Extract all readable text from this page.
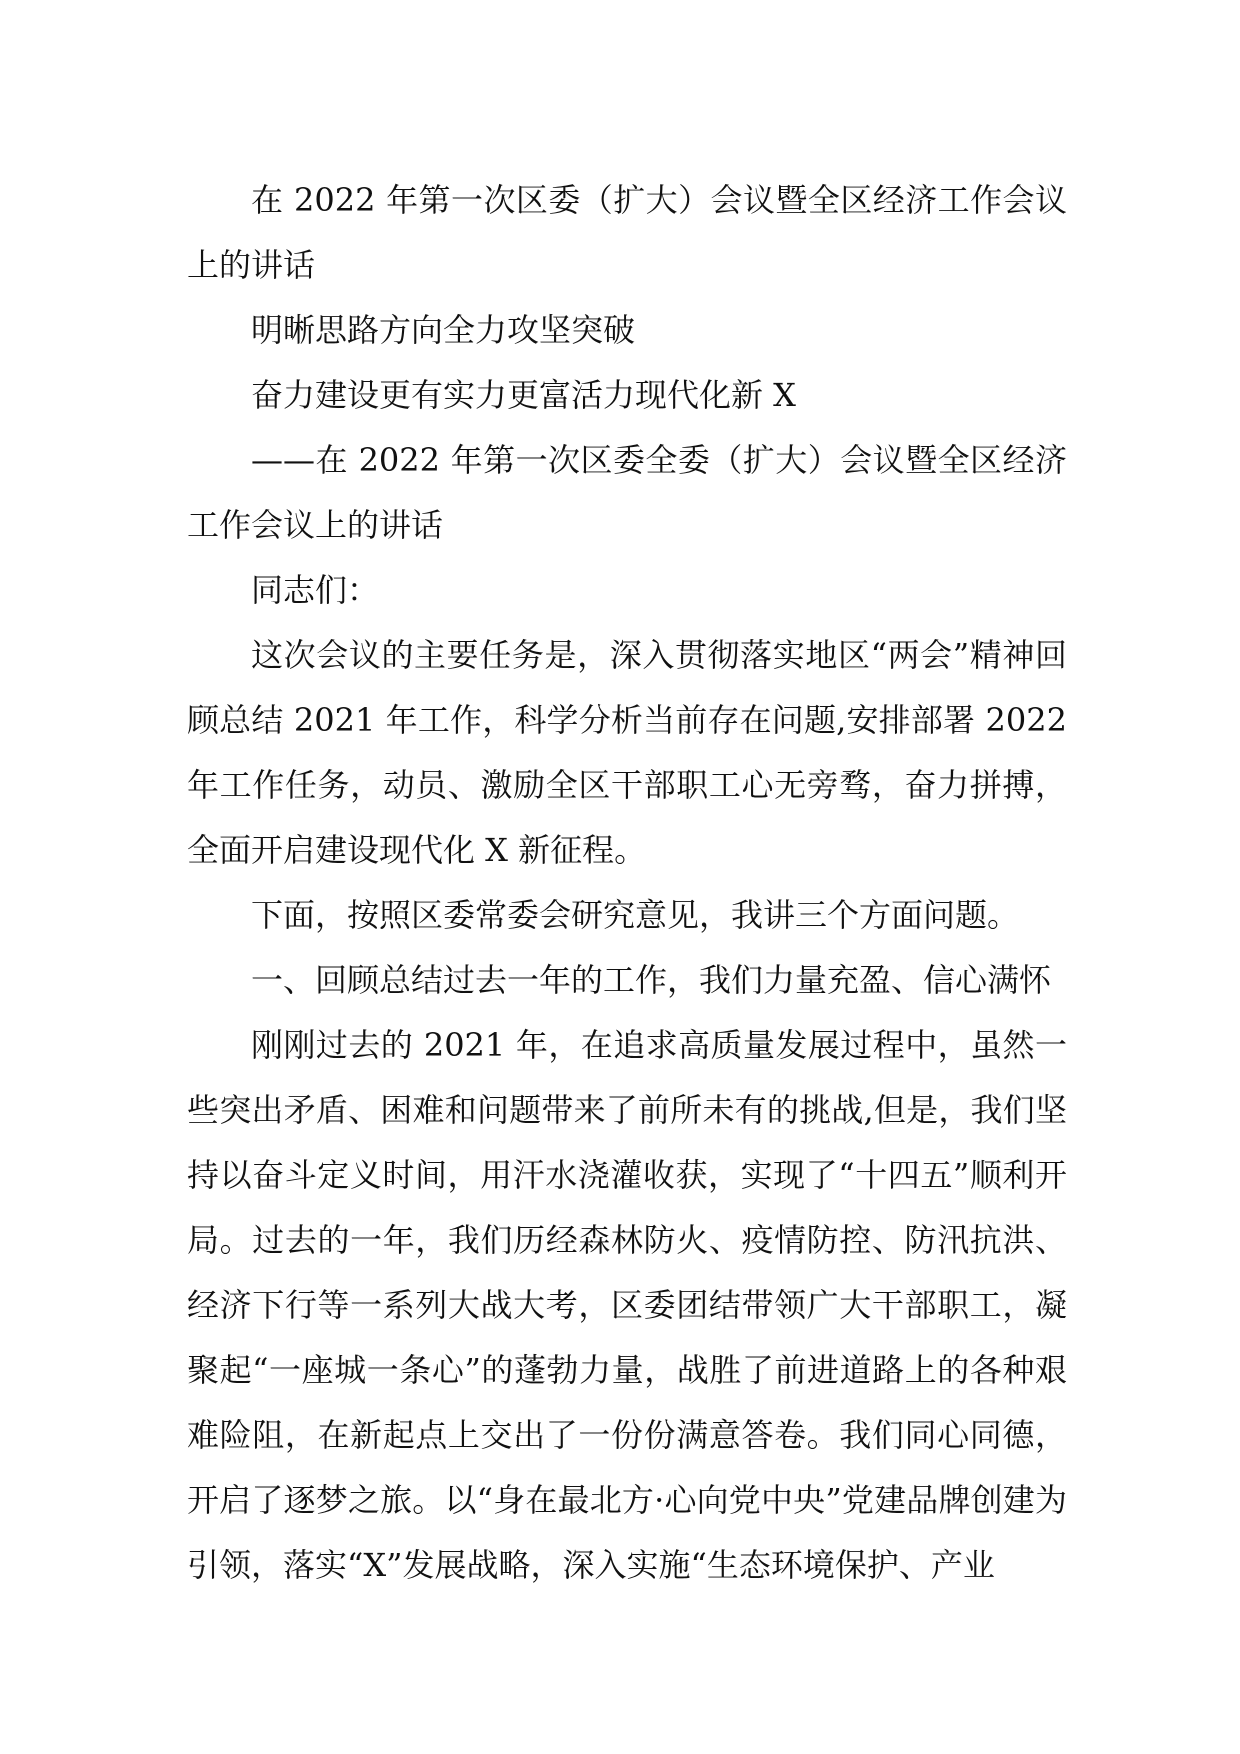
在 2022 年第一次区委（扩大）会议暨全区经济工作会议上的讲话

明晰思路方向全力攻坚突破

奋力建设更有实力更富活力现代化新 X

——在 2022 年第一次区委全委（扩大）会议暨全区经济工作会议上的讲话

同志们：

这次会议的主要任务是，深入贯彻落实地区“两会”精神回顾总结 2021 年工作，科学分析当前存在问题,安排部署 2022 年工作任务，动员、激励全区干部职工心无旁骛，奋力拼搏，全面开启建设现代化 X 新征程。

下面，按照区委常委会研究意见，我讲三个方面问题。

一、回顾总结过去一年的工作，我们力量充盈、信心满怀

刚刚过去的 2021 年，在追求高质量发展过程中，虽然一些突出矛盾、困难和问题带来了前所未有的挑战,但是，我们坚持以奋斗定义时间，用汗水浇灌收获，实现了“十四五”顺利开局。过去的一年，我们历经森林防火、疫情防控、防汛抗洪、经济下行等一系列大战大考，区委团结带领广大干部职工，凝聚起“一座城一条心”的蓬勃力量，战胜了前进道路上的各种艰难险阻，在新起点上交出了一份份满意答卷。我们同心同德，开启了逐梦之旅。以“身在最北方·心向党中央”党建品牌创建为引领，落实“X”发展战略，深入实施“生态环境保护、产业
